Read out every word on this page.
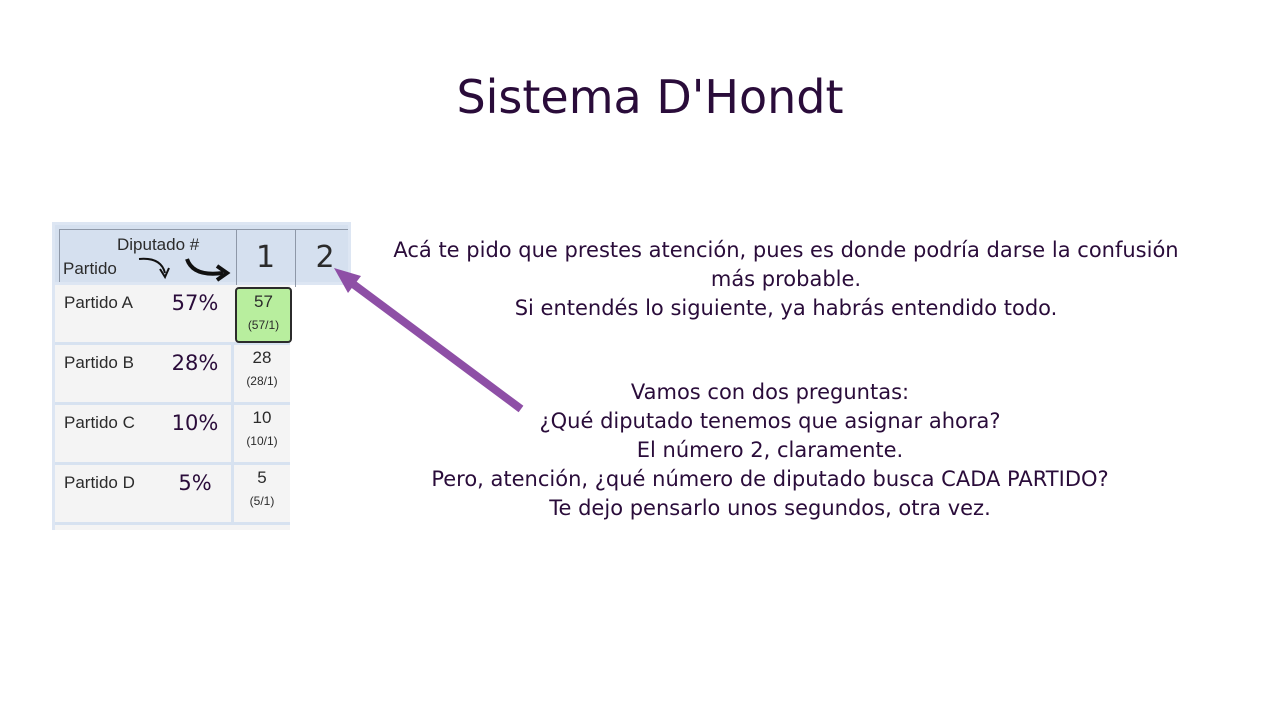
Sistema D'Hondt
Diputado #
Partido	1	2
Partido A	57%	57
(57/1)
Partido B	28%	28
(28/1)
Partido C	10%	10
(10/1)
Partido D	5%	5
(5/1)
Acá te pido que prestes atención, pues es donde podría darse la confusión
más probable.
Si entendés lo siguiente, ya habrás entendido todo.
Vamos con dos preguntas:
¿Qué diputado tenemos que asignar ahora?
El número 2, claramente.
Pero, atención, ¿qué número de diputado busca CADA PARTIDO?
Te dejo pensarlo unos segundos, otra vez.
